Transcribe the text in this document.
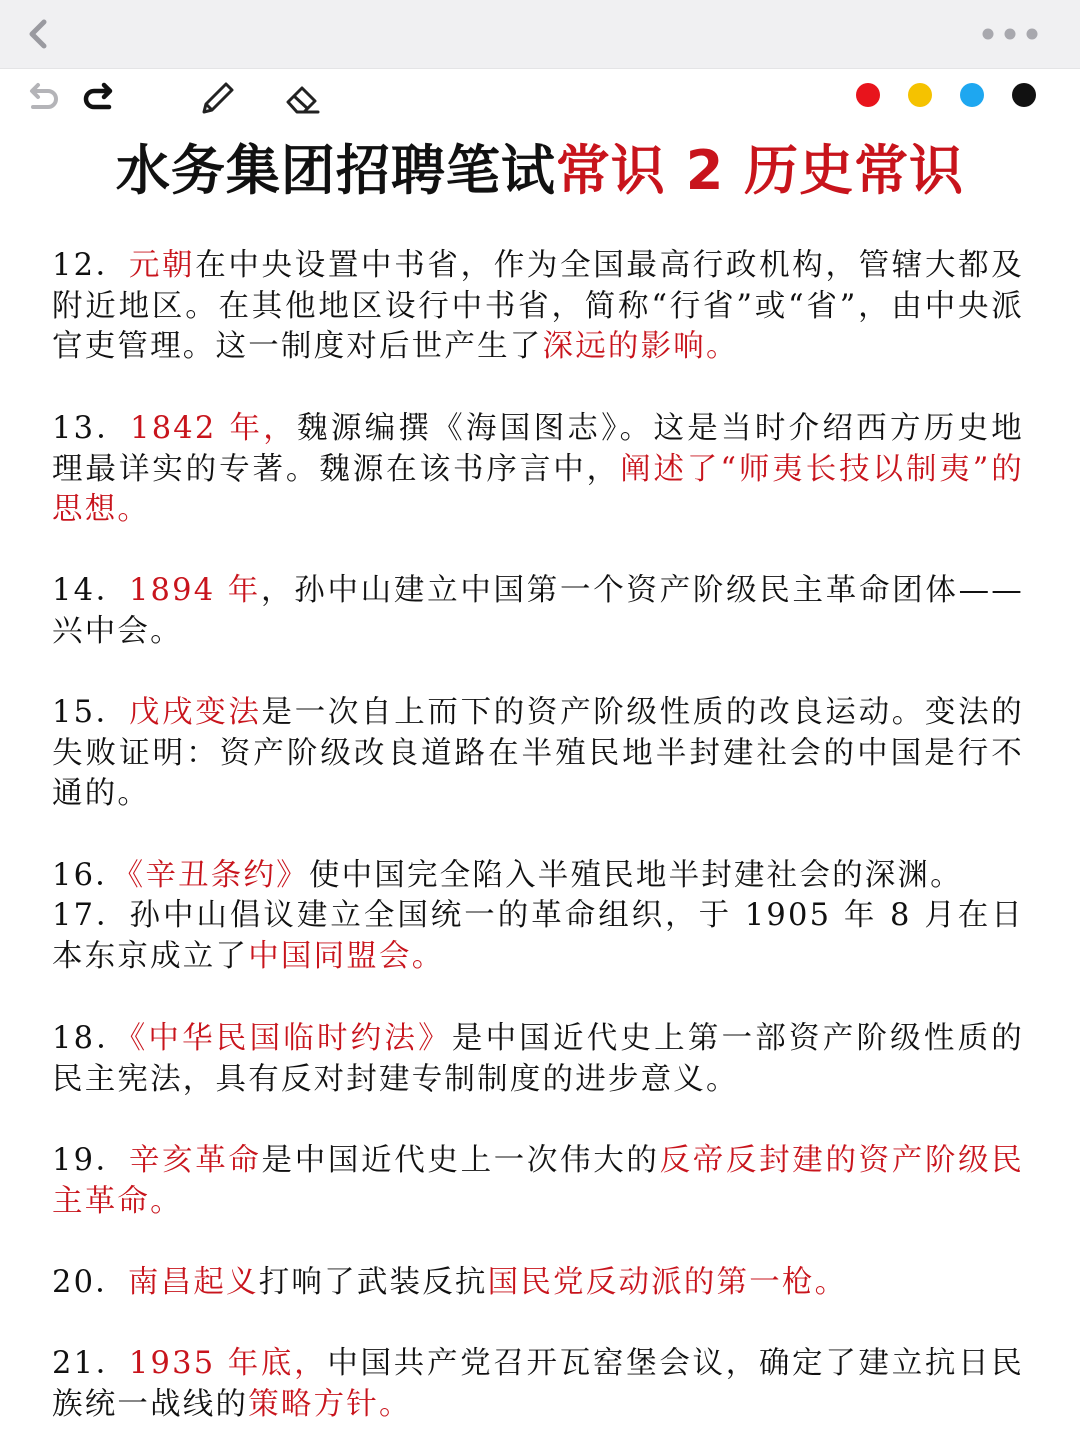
水务集团招聘笔试常识 2 历史常识
12．元朝在中央设置中书省，作为全国最高行政机构，管辖大都及附近地区。在其他地区设行中书省，简称“行省”或“省”，由中央派官吏管理。这一制度对后世产生了深远的影响。
13．1842 年，魏源编撰《海国图志》。这是当时介绍西方历史地理最详实的专著。魏源在该书序言中，阐述了“师夷长技以制夷”的思想。
14．1894 年，孙中山建立中国第一个资产阶级民主革命团体——兴中会。
15．戊戌变法是一次自上而下的资产阶级性质的改良运动。变法的失败证明：资产阶级改良道路在半殖民地半封建社会的中国是行不通的。
16．《辛丑条约》使中国完全陷入半殖民地半封建社会的深渊。
17．孙中山倡议建立全国统一的革命组织，于 1905 年 8 月在日本东京成立了中国同盟会。
18．《中华民国临时约法》是中国近代史上第一部资产阶级性质的民主宪法，具有反对封建专制制度的进步意义。
19．辛亥革命是中国近代史上一次伟大的反帝反封建的资产阶级民主革命。
20．南昌起义打响了武装反抗国民党反动派的第一枪。
21．1935 年底，中国共产党召开瓦窑堡会议，确定了建立抗日民族统一战线的策略方针。
